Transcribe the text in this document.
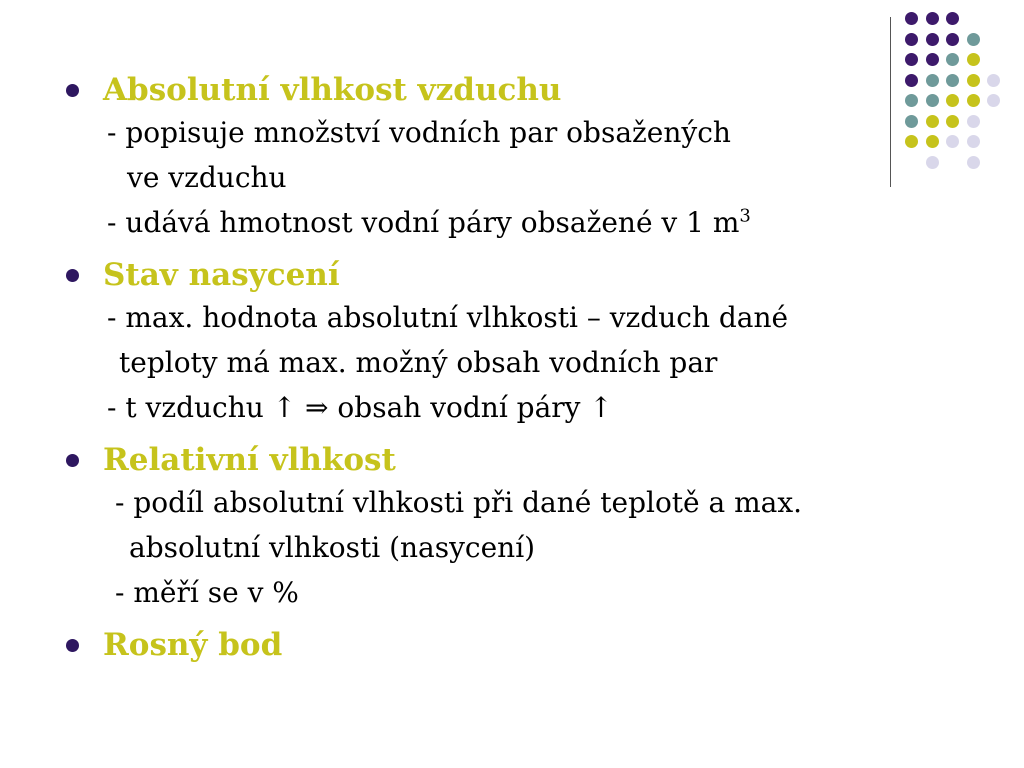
Absolutní vlhkost vzduchu
- popisuje množství vodních par obsažených
ve vzduchu
- udává hmotnost vodní páry obsažené v 1 $m^3$
Stav nasycení
- max. hodnota absolutní vlhkosti – vzduch dané
teploty má max. možný obsah vodních par
- t vzduchu ↑ ⇒ obsah vodní páry ↑
Relativní vlhkost
- podíl absolutní vlhkosti při dané teplotě a max.
absolutní vlhkosti (nasycení)
- měří se v %
Rosný bod
